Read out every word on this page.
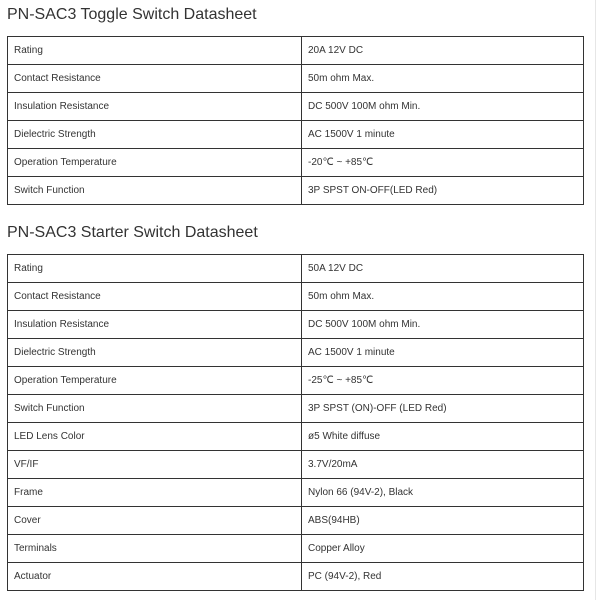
PN-SAC3 Toggle Switch Datasheet
Rating	20A 12V DC
Contact Resistance	50m ohm Max.
Insulation Resistance	DC 500V 100M ohm Min.
Dielectric Strength	AC 1500V 1 minute
Operation Temperature	-20℃ ~ +85℃
Switch Function	3P SPST ON-OFF(LED Red)
PN-SAC3 Starter Switch Datasheet
Rating	50A 12V DC
Contact Resistance	50m ohm Max.
Insulation Resistance	DC 500V 100M ohm Min.
Dielectric Strength	AC 1500V 1 minute
Operation Temperature	-25℃ ~ +85℃
Switch Function	3P SPST (ON)-OFF (LED Red)
LED Lens Color	ø5 White diffuse
VF/IF	3.7V/20mA
Frame	Nylon 66 (94V-2), Black
Cover	ABS(94HB)
Terminals	Copper Alloy
Actuator	PC (94V-2), Red
